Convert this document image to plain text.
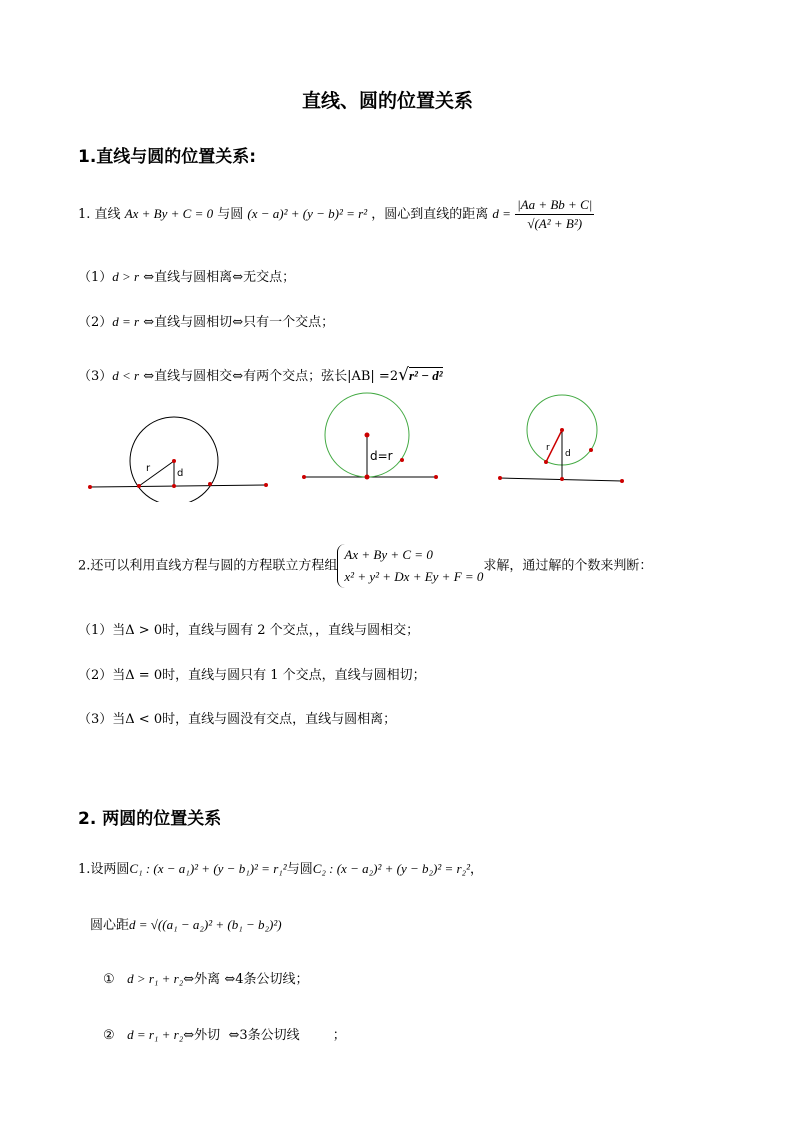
直线、圆的位置关系
1.直线与圆的位置关系:
1. 直线 Ax + By + C = 0 与圆 (x − a)² + (y − b)² = r² ，圆心到直线的距离 $d = \frac{|Aa + Bb + C|}{\text{√(A² + B²)}}$
（1）d > r ⇔直线与圆相离⇔无交点；
（2）d = r ⇔直线与圆相切⇔只有一个交点；
（3）d < r ⇔直线与圆相交⇔有两个交点；弦长|AB| =2√r² − d²
r	d
d=r
r
d
2.还可以利用直线方程与圆的方程联立方程组
Ax + By + C = 0
x² + y² + Dx + Ey + F = 0
求解，通过解的个数来判断：
（1）当Δ > 0时，直线与圆有 2 个交点，，直线与圆相交；
（2）当Δ = 0时，直线与圆只有 1 个交点，直线与圆相切；
（3）当Δ < 0时，直线与圆没有交点，直线与圆相离；
2. 两圆的位置关系
1.设两圆C₁ : (x − a₁)² + (y − b₁)² = r₁²与圆C₂ : (x − a₂)² + (y − b₂)² = r₂²，
圆心距d = √((a₁ − a₂)² + (b₁ − b₂)²)
① d > r₁ + r₂⇔外离 ⇔4条公切线；
② d = r₁ + r₂⇔外切 ⇔3条公切线	；
